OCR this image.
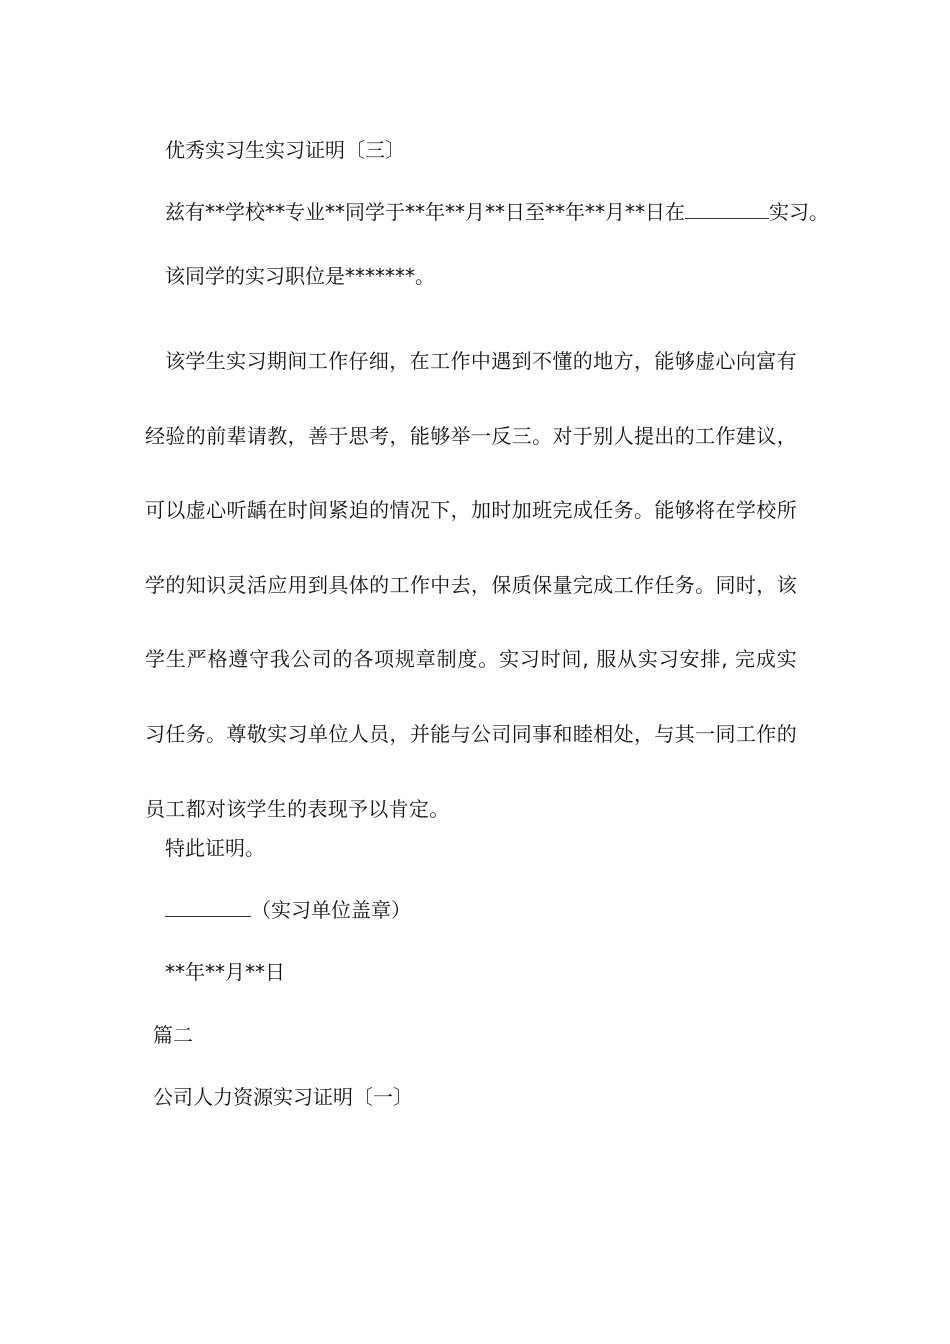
优秀实习生实习证明〔三〕

兹有**学校**专业**同学于**年**月**日至**年**月**日在	实习。

该同学的实习职位是*******。

该学生实习期间工作仔细，在工作中遇到不懂的地方，能够虚心向富有经验的前辈请教，善于思考，能够举一反三。对于别人提出的工作建议，可以虚心听龋在时间紧迫的情况下，加时加班完成任务。能够将在学校所学的知识灵活应用到具体的工作中去，保质保量完成工作任务。同时，该学生严格遵守我公司的各项规章制度。实习时间, 服从实习安排, 完成实习任务。尊敬实习单位人员，并能与公司同事和睦相处，与其一同工作的员工都对该学生的表现予以肯定。

特此证明。

（实习单位盖章）

**年**月**日

篇二

公司人力资源实习证明〔一〕
